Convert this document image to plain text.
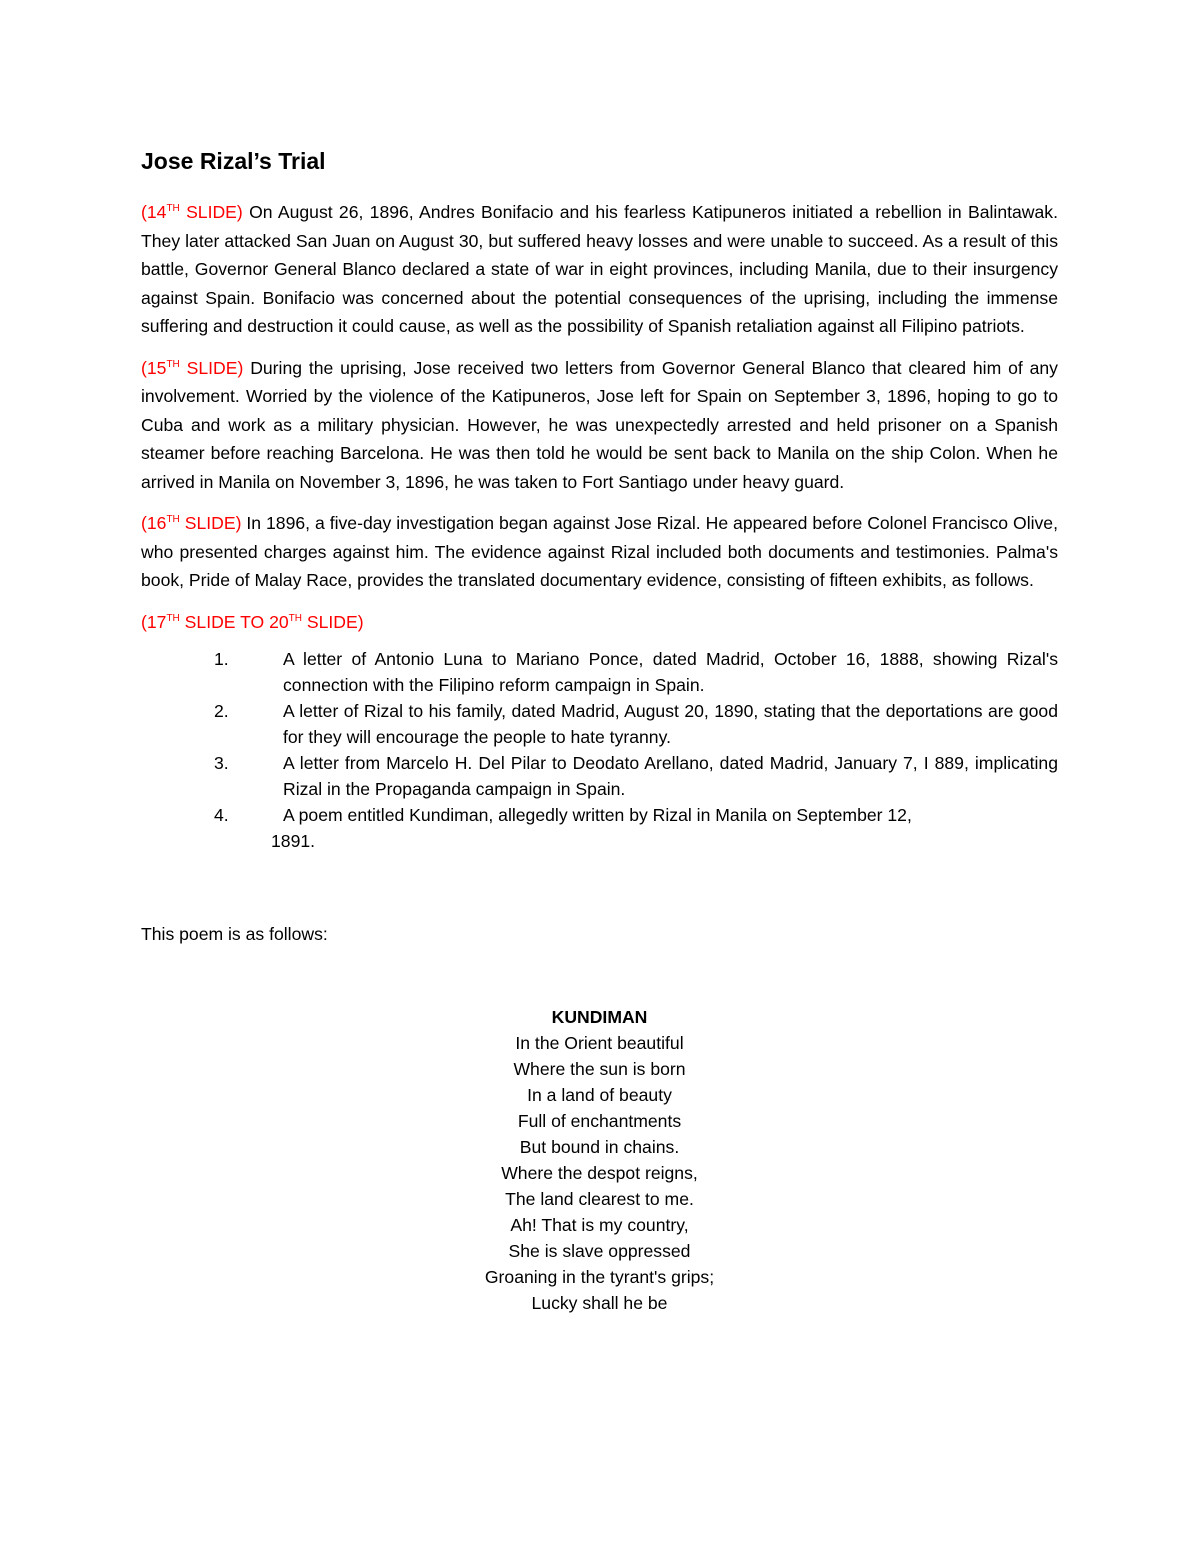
Jose Rizal’s Trial

(14TH SLIDE) On August 26, 1896, Andres Bonifacio and his fearless Katipuneros initiated a rebellion in Balintawak. They later attacked San Juan on August 30, but suffered heavy losses and were unable to succeed. As a result of this battle, Governor General Blanco declared a state of war in eight provinces, including Manila, due to their insurgency against Spain. Bonifacio was concerned about the potential consequences of the uprising, including the immense suffering and destruction it could cause, as well as the possibility of Spanish retaliation against all Filipino patriots.

(15TH SLIDE) During the uprising, Jose received two letters from Governor General Blanco that cleared him of any involvement. Worried by the violence of the Katipuneros, Jose left for Spain on September 3, 1896, hoping to go to Cuba and work as a military physician. However, he was unexpectedly arrested and held prisoner on a Spanish steamer before reaching Barcelona. He was then told he would be sent back to Manila on the ship Colon. When he arrived in Manila on November 3, 1896, he was taken to Fort Santiago under heavy guard.

(16TH SLIDE) In 1896, a five-day investigation began against Jose Rizal. He appeared before Colonel Francisco Olive, who presented charges against him. The evidence against Rizal included both documents and testimonies. Palma's book, Pride of Malay Race, provides the translated documentary evidence, consisting of fifteen exhibits, as follows.

(17TH SLIDE TO 20TH SLIDE)

1.	A letter of Antonio Luna to Mariano Ponce, dated Madrid, October 16, 1888, showing Rizal's connection with the Filipino reform campaign in Spain.
2.	A letter of Rizal to his family, dated Madrid, August 20, 1890, stating that the deportations are good for they will encourage the people to hate tyranny.
3.	A letter from Marcelo H. Del Pilar to Deodato Arellano, dated Madrid, January 7, I 889, implicating Rizal in the Propaganda campaign in Spain.
4.	A poem entitled Kundiman, allegedly written by Rizal in Manila on September 12,
1891.

This poem is as follows:

KUNDIMAN
In the Orient beautiful
Where the sun is born
In a land of beauty
Full of enchantments
But bound in chains.
Where the despot reigns,
The land clearest to me.
Ah! That is my country,
She is slave oppressed
Groaning in the tyrant's grips;
Lucky shall he be
